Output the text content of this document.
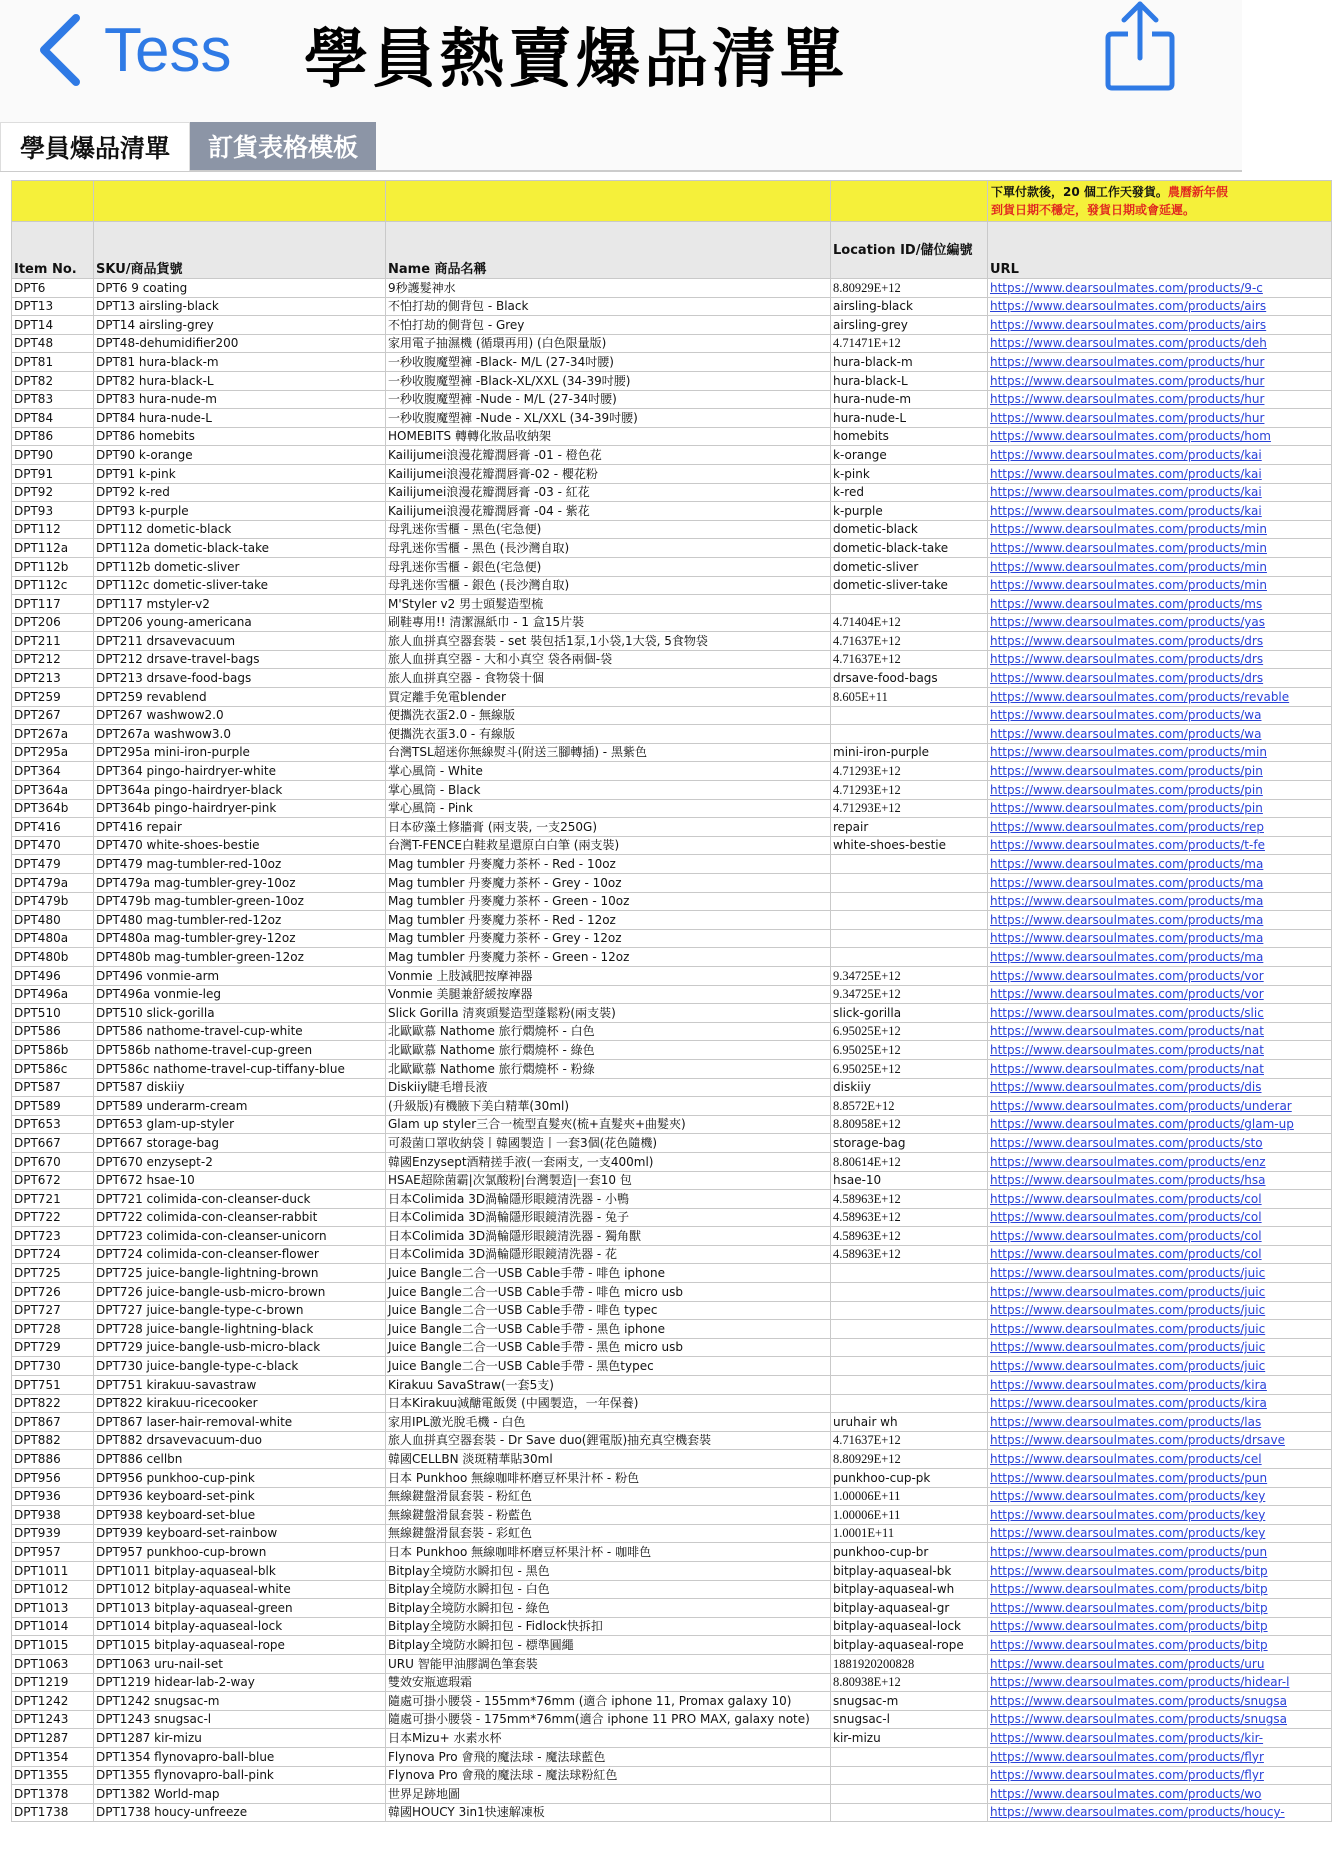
Tess	學員熱賣爆品清單
學員爆品清單	訂貨表格模板
				下單付款後，20 個工作天發貨。農曆新年假
到貨日期不穩定，發貨日期或會延遲。
Item No.	SKU/商品貨號	Name 商品名稱	Location ID/儲位編號	URL
DPT6	DPT6 9 coating	9秒護髮神水	8.80929E+12	https://www.dearsoulmates.com/products/9-c
DPT13	DPT13 airsling-black	不怕打劫的側背包 - Black	airsling-black	https://www.dearsoulmates.com/products/airs
DPT14	DPT14 airsling-grey	不怕打劫的側背包 - Grey	airsling-grey	https://www.dearsoulmates.com/products/airs
DPT48	DPT48-dehumidifier200	家用電子抽濕機 (循環再用) (白色限量版)	4.71471E+12	https://www.dearsoulmates.com/products/deh
DPT81	DPT81 hura-black-m	一秒收腹魔塑褲 -Black- M/L (27-34吋腰)	hura-black-m	https://www.dearsoulmates.com/products/hur
DPT82	DPT82 hura-black-L	一秒收腹魔塑褲 -Black-XL/XXL (34-39吋腰)	hura-black-L	https://www.dearsoulmates.com/products/hur
DPT83	DPT83 hura-nude-m	一秒收腹魔塑褲 -Nude - M/L (27-34吋腰)	hura-nude-m	https://www.dearsoulmates.com/products/hur
DPT84	DPT84 hura-nude-L	一秒收腹魔塑褲 -Nude - XL/XXL (34-39吋腰)	hura-nude-L	https://www.dearsoulmates.com/products/hur
DPT86	DPT86 homebits	HOMEBITS 轉轉化妝品收納架	homebits	https://www.dearsoulmates.com/products/hom
DPT90	DPT90 k-orange	Kailijumei浪漫花瓣潤唇膏 -01 - 橙色花	k-orange	https://www.dearsoulmates.com/products/kai
DPT91	DPT91 k-pink	Kailijumei浪漫花瓣潤唇膏-02 - 櫻花粉	k-pink	https://www.dearsoulmates.com/products/kai
DPT92	DPT92 k-red	Kailijumei浪漫花瓣潤唇膏 -03 - 紅花	k-red	https://www.dearsoulmates.com/products/kai
DPT93	DPT93 k-purple	Kailijumei浪漫花瓣潤唇膏 -04 - 紫花	k-purple	https://www.dearsoulmates.com/products/kai
DPT112	DPT112 dometic-black	母乳迷你雪櫃 - 黑色(宅急便)	dometic-black	https://www.dearsoulmates.com/products/min
DPT112a	DPT112a dometic-black-take	母乳迷你雪櫃 - 黑色 (長沙灣自取)	dometic-black-take	https://www.dearsoulmates.com/products/min
DPT112b	DPT112b dometic-sliver	母乳迷你雪櫃 - 銀色(宅急便)	dometic-sliver	https://www.dearsoulmates.com/products/min
DPT112c	DPT112c dometic-sliver-take	母乳迷你雪櫃 - 銀色 (長沙灣自取)	dometic-sliver-take	https://www.dearsoulmates.com/products/min
DPT117	DPT117 mstyler-v2	M'Styler v2 男士頭髮造型梳		https://www.dearsoulmates.com/products/ms
DPT206	DPT206 young-americana	刷鞋專用!! 清潔濕紙巾 - 1 盒15片裝	4.71404E+12	https://www.dearsoulmates.com/products/yas
DPT211	DPT211 drsavevacuum	旅人血拼真空器套裝 - set 裝包括1泵,1小袋,1大袋, 5食物袋	4.71637E+12	https://www.dearsoulmates.com/products/drs
DPT212	DPT212 drsave-travel-bags	旅人血拼真空器 - 大和小真空 袋各兩個-袋	4.71637E+12	https://www.dearsoulmates.com/products/drs
DPT213	DPT213 drsave-food-bags	旅人血拼真空器 - 食物袋十個	drsave-food-bags	https://www.dearsoulmates.com/products/drs
DPT259	DPT259 revablend	買定離手免電blender	8.605E+11	https://www.dearsoulmates.com/products/revable
DPT267	DPT267 washwow2.0	便攜洗衣蛋2.0 - 無線版		https://www.dearsoulmates.com/products/wa
DPT267a	DPT267a washwow3.0	便攜洗衣蛋3.0 - 有線版		https://www.dearsoulmates.com/products/wa
DPT295a	DPT295a mini-iron-purple	台灣TSL超迷你無線熨斗(附送三腳轉插) - 黑紫色	mini-iron-purple	https://www.dearsoulmates.com/products/min
DPT364	DPT364 pingo-hairdryer-white	掌心風筒 - White	4.71293E+12	https://www.dearsoulmates.com/products/pin
DPT364a	DPT364a pingo-hairdryer-black	掌心風筒 - Black	4.71293E+12	https://www.dearsoulmates.com/products/pin
DPT364b	DPT364b pingo-hairdryer-pink	掌心風筒 - Pink	4.71293E+12	https://www.dearsoulmates.com/products/pin
DPT416	DPT416 repair	日本矽藻土修牆膏 (兩支裝, 一支250G)	repair	https://www.dearsoulmates.com/products/rep
DPT470	DPT470 white-shoes-bestie	台灣T-FENCE白鞋救星還原白白筆 (兩支裝)	white-shoes-bestie	https://www.dearsoulmates.com/products/t-fe
DPT479	DPT479 mag-tumbler-red-10oz	Mag tumbler 丹麥魔力茶杯 - Red - 10oz		https://www.dearsoulmates.com/products/ma
DPT479a	DPT479a mag-tumbler-grey-10oz	Mag tumbler 丹麥魔力茶杯 - Grey - 10oz		https://www.dearsoulmates.com/products/ma
DPT479b	DPT479b mag-tumbler-green-10oz	Mag tumbler 丹麥魔力茶杯 - Green - 10oz		https://www.dearsoulmates.com/products/ma
DPT480	DPT480 mag-tumbler-red-12oz	Mag tumbler 丹麥魔力茶杯 - Red - 12oz		https://www.dearsoulmates.com/products/ma
DPT480a	DPT480a mag-tumbler-grey-12oz	Mag tumbler 丹麥魔力茶杯 - Grey - 12oz		https://www.dearsoulmates.com/products/ma
DPT480b	DPT480b mag-tumbler-green-12oz	Mag tumbler 丹麥魔力茶杯 - Green - 12oz		https://www.dearsoulmates.com/products/ma
DPT496	DPT496 vonmie-arm	Vonmie 上肢減肥按摩神器	9.34725E+12	https://www.dearsoulmates.com/products/vor
DPT496a	DPT496a vonmie-leg	Vonmie 美腿兼舒緩按摩器	9.34725E+12	https://www.dearsoulmates.com/products/vor
DPT510	DPT510 slick-gorilla	Slick Gorilla 清爽頭髮造型蓬鬆粉(兩支裝)	slick-gorilla	https://www.dearsoulmates.com/products/slic
DPT586	DPT586 nathome-travel-cup-white	北歐歐慕 Nathome 旅行燜燒杯 - 白色	6.95025E+12	https://www.dearsoulmates.com/products/nat
DPT586b	DPT586b nathome-travel-cup-green	北歐歐慕 Nathome 旅行燜燒杯 - 綠色	6.95025E+12	https://www.dearsoulmates.com/products/nat
DPT586c	DPT586c nathome-travel-cup-tiffany-blue	北歐歐慕 Nathome 旅行燜燒杯 - 粉綠	6.95025E+12	https://www.dearsoulmates.com/products/nat
DPT587	DPT587 diskiiy	Diskiiy睫毛增長液	diskiiy	https://www.dearsoulmates.com/products/dis
DPT589	DPT589 underarm-cream	(升級版)有機腋下美白精華(30ml)	8.8572E+12	https://www.dearsoulmates.com/products/underar
DPT653	DPT653 glam-up-styler	Glam up styler三合一梳型直髮夾(梳+直髮夾+曲髮夾)	8.80958E+12	https://www.dearsoulmates.com/products/glam-up
DPT667	DPT667 storage-bag	可殺菌口罩收納袋丨韓國製造丨一套3個(花色隨機)	storage-bag	https://www.dearsoulmates.com/products/sto
DPT670	DPT670 enzysept-2	韓國Enzysept酒精搓手液(一套兩支, 一支400ml)	8.80614E+12	https://www.dearsoulmates.com/products/enz
DPT672	DPT672 hsae-10	HSAE超除菌霸|次氯酸粉|台灣製造|一套10 包	hsae-10	https://www.dearsoulmates.com/products/hsa
DPT721	DPT721 colimida-con-cleanser-duck	日本Colimida 3D渦輪隱形眼鏡清洗器 - 小鴨	4.58963E+12	https://www.dearsoulmates.com/products/col
DPT722	DPT722 colimida-con-cleanser-rabbit	日本Colimida 3D渦輪隱形眼鏡清洗器 - 兔子	4.58963E+12	https://www.dearsoulmates.com/products/col
DPT723	DPT723 colimida-con-cleanser-unicorn	日本Colimida 3D渦輪隱形眼鏡清洗器 - 獨角獸	4.58963E+12	https://www.dearsoulmates.com/products/col
DPT724	DPT724 colimida-con-cleanser-flower	日本Colimida 3D渦輪隱形眼鏡清洗器 - 花	4.58963E+12	https://www.dearsoulmates.com/products/col
DPT725	DPT725 juice-bangle-lightning-brown	Juice Bangle二合一USB Cable手帶 - 啡色 iphone		https://www.dearsoulmates.com/products/juic
DPT726	DPT726 juice-bangle-usb-micro-brown	Juice Bangle二合一USB Cable手帶 - 啡色 micro usb		https://www.dearsoulmates.com/products/juic
DPT727	DPT727 juice-bangle-type-c-brown	Juice Bangle二合一USB Cable手帶 - 啡色 typec		https://www.dearsoulmates.com/products/juic
DPT728	DPT728 juice-bangle-lightning-black	Juice Bangle二合一USB Cable手帶 - 黑色 iphone		https://www.dearsoulmates.com/products/juic
DPT729	DPT729 juice-bangle-usb-micro-black	Juice Bangle二合一USB Cable手帶 - 黑色 micro usb		https://www.dearsoulmates.com/products/juic
DPT730	DPT730 juice-bangle-type-c-black	Juice Bangle二合一USB Cable手帶 - 黑色typec		https://www.dearsoulmates.com/products/juic
DPT751	DPT751 kirakuu-savastraw	Kirakuu SavaStraw(一套5支)		https://www.dearsoulmates.com/products/kira
DPT822	DPT822 kirakuu-ricecooker	日本Kirakuu減醣電飯煲 (中國製造，一年保養)		https://www.dearsoulmates.com/products/kira
DPT867	DPT867 laser-hair-removal-white	家用IPL激光脫毛機 - 白色	uruhair wh	https://www.dearsoulmates.com/products/las
DPT882	DPT882 drsavevacuum-duo	旅人血拼真空器套裝 - Dr Save duo(鋰電版)抽充真空機套裝	4.71637E+12	https://www.dearsoulmates.com/products/drsave
DPT886	DPT886 cellbn	韓國CELLBN 淡斑精華貼30ml	8.80929E+12	https://www.dearsoulmates.com/products/cel
DPT956	DPT956 punkhoo-cup-pink	日本 Punkhoo 無線咖啡杯磨豆杯果汁杯 - 粉色	punkhoo-cup-pk	https://www.dearsoulmates.com/products/pun
DPT936	DPT936 keyboard-set-pink	無線鍵盤滑鼠套裝 - 粉紅色	1.00006E+11	https://www.dearsoulmates.com/products/key
DPT938	DPT938 keyboard-set-blue	無線鍵盤滑鼠套裝 - 粉藍色	1.00006E+11	https://www.dearsoulmates.com/products/key
DPT939	DPT939 keyboard-set-rainbow	無線鍵盤滑鼠套裝 - 彩虹色	1.0001E+11	https://www.dearsoulmates.com/products/key
DPT957	DPT957 punkhoo-cup-brown	日本 Punkhoo 無線咖啡杯磨豆杯果汁杯 - 咖啡色	punkhoo-cup-br	https://www.dearsoulmates.com/products/pun
DPT1011	DPT1011 bitplay-aquaseal-blk	Bitplay全境防水瞬扣包 - 黑色	bitplay-aquaseal-bk	https://www.dearsoulmates.com/products/bitp
DPT1012	DPT1012 bitplay-aquaseal-white	Bitplay全境防水瞬扣包 - 白色	bitplay-aquaseal-wh	https://www.dearsoulmates.com/products/bitp
DPT1013	DPT1013 bitplay-aquaseal-green	Bitplay全境防水瞬扣包 - 綠色	bitplay-aquaseal-gr	https://www.dearsoulmates.com/products/bitp
DPT1014	DPT1014 bitplay-aquaseal-lock	Bitplay全境防水瞬扣包 - Fidlock快拆扣	bitplay-aquaseal-lock	https://www.dearsoulmates.com/products/bitp
DPT1015	DPT1015 bitplay-aquaseal-rope	Bitplay全境防水瞬扣包 - 標準圓繩	bitplay-aquaseal-rope	https://www.dearsoulmates.com/products/bitp
DPT1063	DPT1063 uru-nail-set	URU 智能甲油膠調色筆套裝	1881920200828	https://www.dearsoulmates.com/products/uru
DPT1219	DPT1219 hidear-lab-2-way	雙效安瓶遮瑕霜	8.80938E+12	https://www.dearsoulmates.com/products/hidear-l
DPT1242	DPT1242 snugsac-m	隨處可掛小腰袋 - 155mm*76mm (適合 iphone 11, Promax galaxy 10)	snugsac-m	https://www.dearsoulmates.com/products/snugsa
DPT1243	DPT1243 snugsac-l	隨處可掛小腰袋 - 175mm*76mm(適合 iphone 11 PRO MAX, galaxy note)	snugsac-l	https://www.dearsoulmates.com/products/snugsa
DPT1287	DPT1287 kir-mizu	日本Mizu+ 水素水杯	kir-mizu	https://www.dearsoulmates.com/products/kir-
DPT1354	DPT1354 flynovapro-ball-blue	Flynova Pro 會飛的魔法球 - 魔法球藍色		https://www.dearsoulmates.com/products/flyr
DPT1355	DPT1355 flynovapro-ball-pink	Flynova Pro 會飛的魔法球 - 魔法球粉紅色		https://www.dearsoulmates.com/products/flyr
DPT1378	DPT1382 World-map	世界足跡地圖		https://www.dearsoulmates.com/products/wo
DPT1738	DPT1738 houcy-unfreeze	韓國HOUCY 3in1快速解凍板		https://www.dearsoulmates.com/products/houcy-
